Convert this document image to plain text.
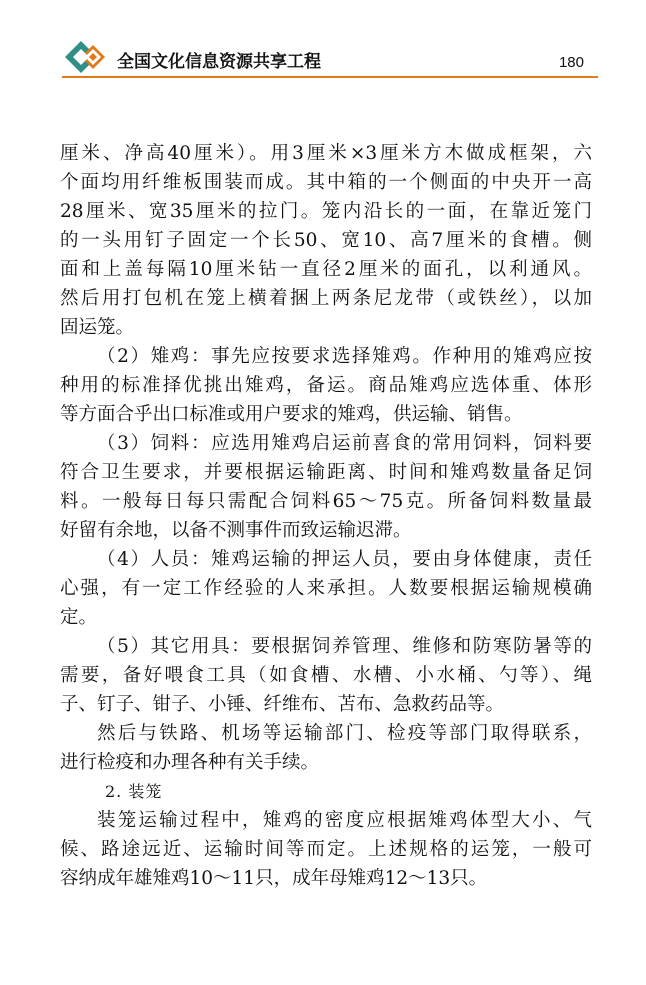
全国文化信息资源共享工程	180
厘米、净高40厘米）。用3厘米×3厘米方木做成框架，六
个面均用纤维板围装而成。其中箱的一个侧面的中央开一高
28厘米、宽35厘米的拉门。笼内沿长的一面，在靠近笼门
的一头用钉子固定一个长50、宽10、高7厘米的食槽。侧
面和上盖每隔10厘米钻一直径2厘米的面孔，以利通风。
然后用打包机在笼上横着捆上两条尼龙带（或铁丝），以加
固运笼。
（2）雉鸡：事先应按要求选择雉鸡。作种用的雉鸡应按
种用的标准择优挑出雉鸡，备运。商品雉鸡应选体重、体形
等方面合乎出口标准或用户要求的雉鸡，供运输、销售。
（3）饲料：应选用雉鸡启运前喜食的常用饲料，饲料要
符合卫生要求，并要根据运输距离、时间和雉鸡数量备足饲
料。一般每日每只需配合饲料65～75克。所备饲料数量最
好留有余地，以备不测事件而致运输迟滞。
（4）人员：雉鸡运输的押运人员，要由身体健康，责任
心强，有一定工作经验的人来承担。人数要根据运输规模确
定。
（5）其它用具：要根据饲养管理、维修和防寒防暑等的
需要，备好喂食工具（如食槽、水槽、小水桶、勺等）、绳
子、钉子、钳子、小锤、纤维布、苫布、急救药品等。
然后与铁路、机场等运输部门、检疫等部门取得联系，
进行检疫和办理各种有关手续。
2. 装笼
装笼运输过程中，雉鸡的密度应根据雉鸡体型大小、气
候、路途远近、运输时间等而定。上述规格的运笼，一般可
容纳成年雄雉鸡10～11只，成年母雉鸡12～13只。
